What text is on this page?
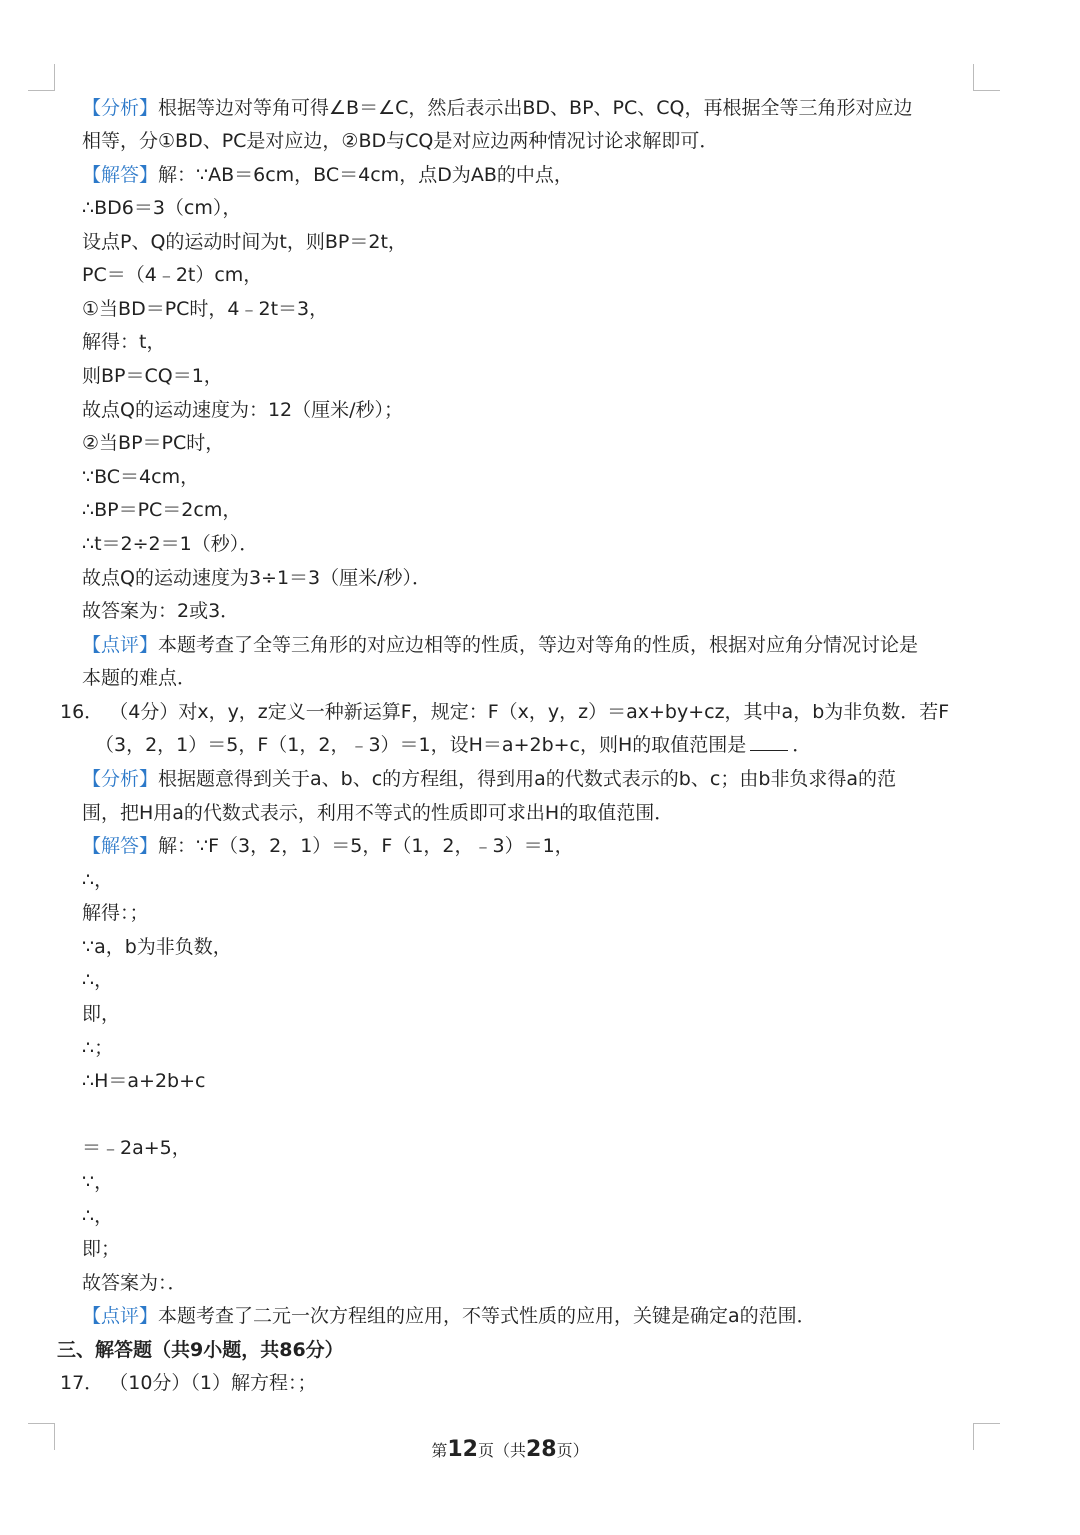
【分析】根据等边对等角可得∠B＝∠C，然后表示出BD、BP、PC、CQ，再根据全等三角形对应边
相等，分①BD、PC是对应边，②BD与CQ是对应边两种情况讨论求解即可．
【解答】解：∵AB＝6cm，BC＝4cm，点D为AB的中点，
∴BD6＝3（cm），
设点P、Q的运动时间为t，则BP＝2t，
PC＝（4﹣2t）cm，
①当BD＝PC时，4﹣2t＝3，
解得：t，
则BP＝CQ＝1，
故点Q的运动速度为：12（厘米/秒）；
②当BP＝PC时，
∵BC＝4cm，
∴BP＝PC＝2cm，
∴t＝2÷2＝1（秒）．
故点Q的运动速度为3÷1＝3（厘米/秒）．
故答案为：2或3．
【点评】本题考查了全等三角形的对应边相等的性质，等边对等角的性质，根据对应角分情况讨论是
本题的难点．
16． （4分）对x，y，z定义一种新运算F，规定：F（x，y，z）＝ax+by+cz，其中a，b为非负数．若F
（3，2，1）＝5，F（1，2，﹣3）＝1，设H＝a+2b+c，则H的取值范围是 ．
【分析】根据题意得到关于a、b、c的方程组，得到用a的代数式表示的b、c；由b非负求得a的范
围，把H用a的代数式表示，利用不等式的性质即可求出H的取值范围．
【解答】解：∵F（3，2，1）＝5，F（1，2，﹣3）＝1，
∴，
解得：；
∵a，b为非负数，
∴，
即，
∴；
∴H＝a+2b+c
＝﹣2a+5，
∵，
∴，
即；
故答案为：．
【点评】本题考查了二元一次方程组的应用，不等式性质的应用，关键是确定a的范围．
三、解答题（共9小题，共86分）
17． （10分）（1）解方程：；
第12页（共28页）
